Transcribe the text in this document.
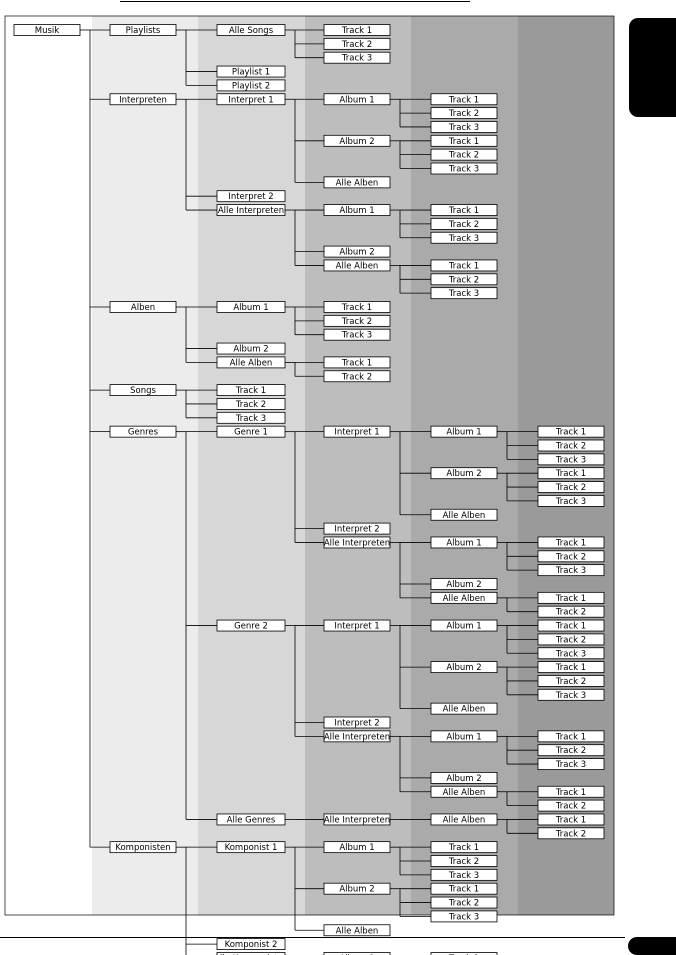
Musik	Playlists	Alle Songs	Track 1
Track 2
Track 3
Playlist 1
Playlist 2
Interpreten	Interpret 1	Album 1	Track 1
Track 2
Track 3
Album 2	Track 1
Track 2
Track 3
Alle Alben
Interpret 2
Alle Interpreten	Album 1	Track 1
Track 2
Track 3
Album 2
Alle Alben	Track 1
Track 2
Track 3
Alben	Album 1	Track 1
Track 2
Track 3
Album 2
Alle Alben	Track 1
Track 2
Songs	Track 1
Track 2
Track 3
Genres	Genre 1	Interpret 1	Album 1	Track 1
Track 2
Track 3
Album 2	Track 1
Track 2
Track 3
Alle Alben
Interpret 2
Alle Interpreten	Album 1	Track 1
Track 2
Track 3
Album 2
Alle Alben	Track 1
Track 2
Genre 2	Interpret 1	Album 1	Track 1
Track 2
Track 3
Album 2	Track 1
Track 2
Track 3
Alle Alben
Interpret 2
Alle Interpreten	Album 1	Track 1
Track 2
Track 3
Album 2
Alle Alben	Track 1
Track 2
Alle Genres	Alle Interpreten	Alle Alben	Track 1
Track 2
Komponisten	Komponist 1	Album 1	Track 1
Track 2
Track 3
Album 2	Track 1
Track 2
Track 3
Alle Alben
Komponist 2
